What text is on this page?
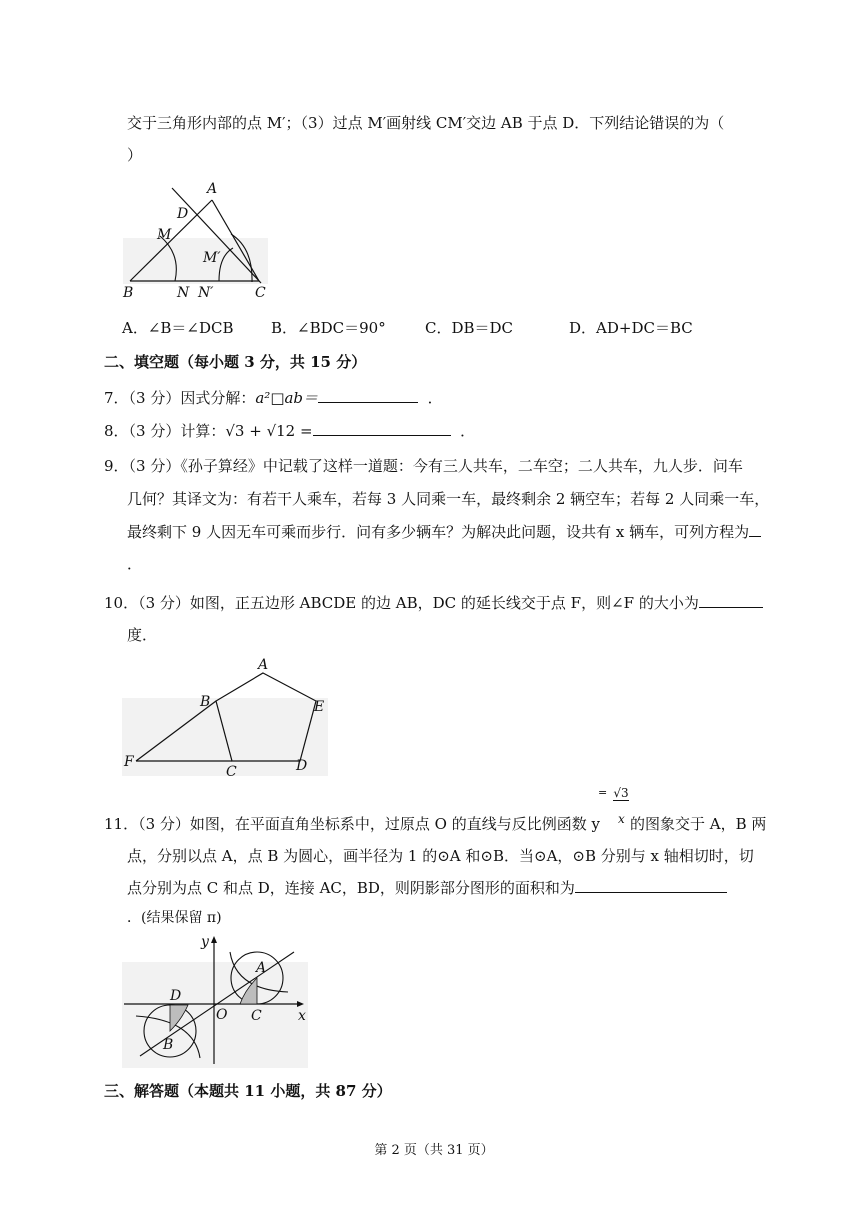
交于三角形内部的点 M′；（3）过点 M′画射线 CM′交边 AB 于点 D．下列结论错误的为（
）
A
D
M
M′
B	N N′	C
A．∠B＝∠DCB B．∠BDC＝90°	C．DB＝DC	D．AD+DC＝BC
二、填空题（每小题 3 分，共 15 分）
7．（3 分）因式分解：a²□ab＝	．
8．（3 分）计算：√3 + √12 =	．
9．（3 分）《孙子算经》中记载了这样一道题：今有三人共车，二车空；二人共车，九人步．问车
几何？其译文为：有若干人乘车，若每 3 人同乘一车，最终剩余 2 辆空车；若每 2 人同乘一车，
最终剩下 9 人因无车可乘而步行．问有多少辆车？为解决此问题，设共有 x 辆车，可列方程为
．
10．（3 分）如图，正五边形 ABCDE 的边 AB，DC 的延长线交于点 F，则∠F 的大小为
度．
A
B	E
F
C	D
= √3
x
11．（3 分）如图，在平面直角坐标系中，过原点 O 的直线与反比例函数 y 的图象交于 A，B 两
点，分别以点 A，点 B 为圆心，画半径为 1 的⊙A 和⊙B．当⊙A，⊙B 分别与 x 轴相切时，切
点分别为点 C 和点 D，连接 AC，BD，则阴影部分图形的面积和为
．(结果保留 π)
y
x
O
A
C
D
B
三、解答题（本题共 11 小题，共 87 分）
第 2 页（共 31 页）
